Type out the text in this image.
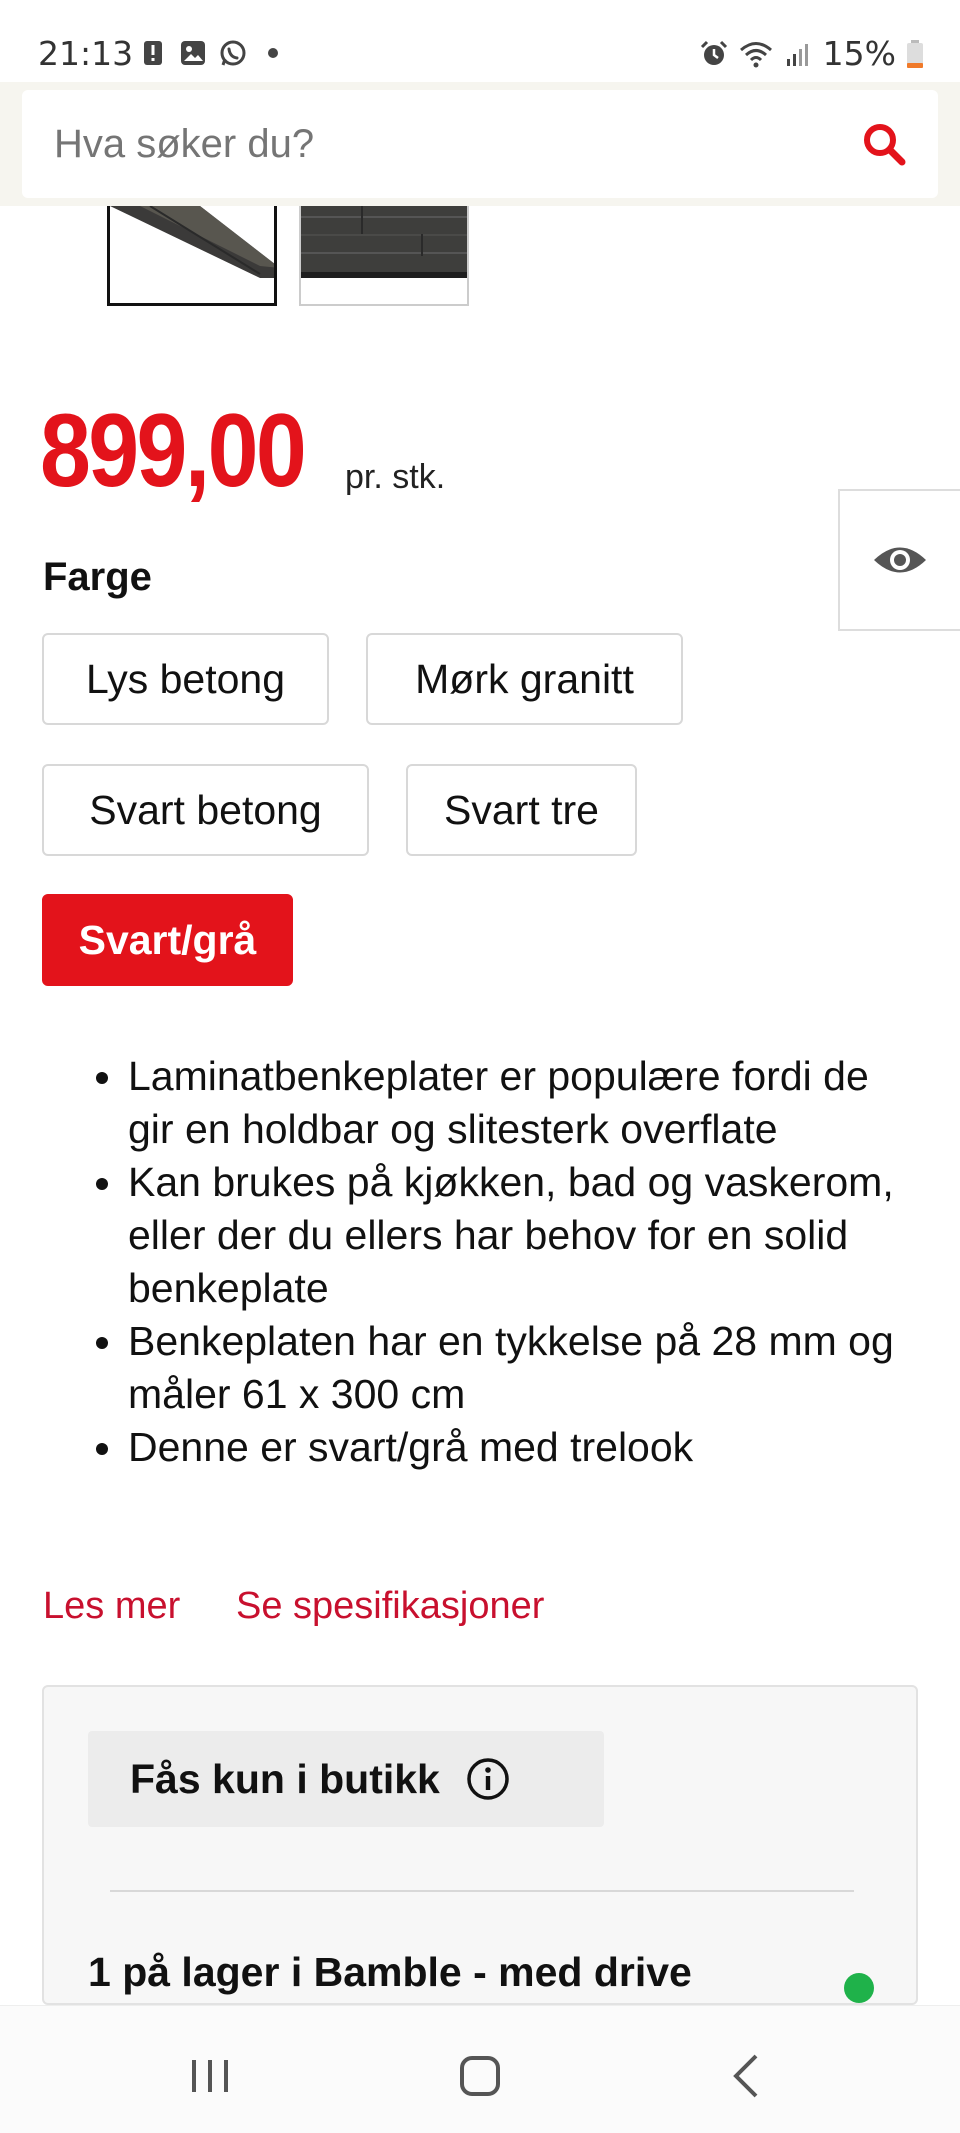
21:13	15%
Hva søker du?
899,00 pr. stk.
Farge
Lys betong	Mørk granitt
Svart betong	Svart tre
Svart/grå
Laminatbenkeplater er populære fordi de gir en holdbar og slitesterk overflate
Kan brukes på kjøkken, bad og vaskerom, eller der du ellers har behov for en solid benkeplate
Benkeplaten har en tykkelse på 28 mm og måler 61 x 300 cm
Denne er svart/grå med trelook
Les mer Se spesifikasjoner
Fås kun i butikk
1 på lager i Bamble - med drive
